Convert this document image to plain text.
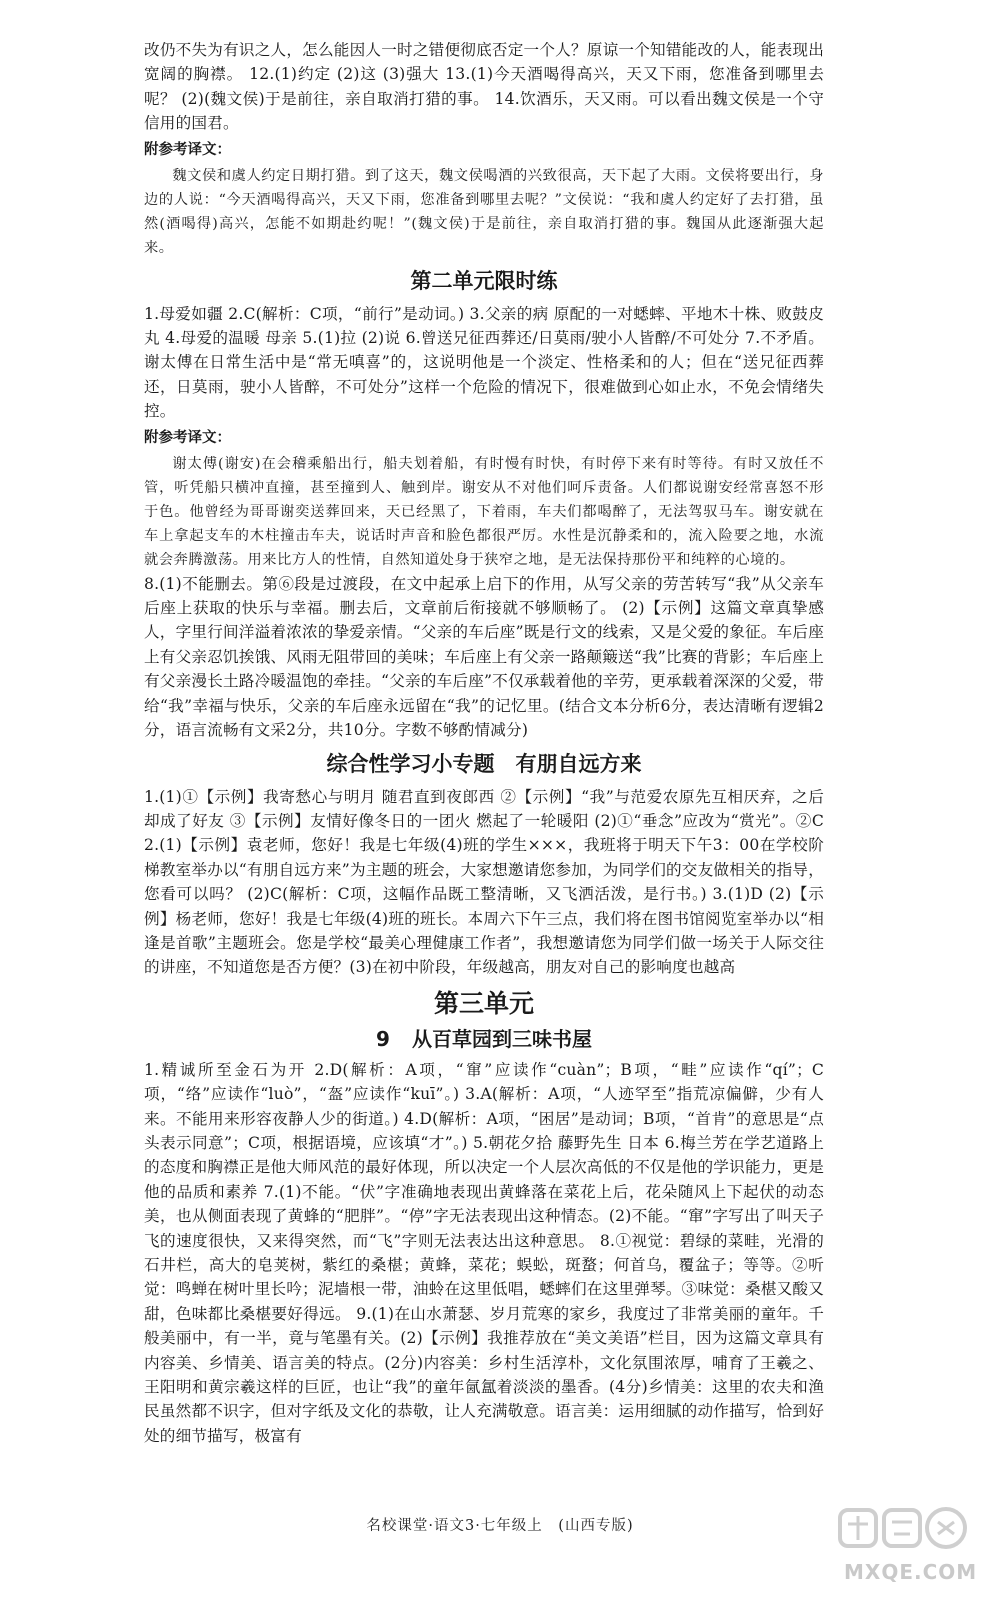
改仍不失为有识之人，怎么能因人一时之错便彻底否定一个人？原谅一个知错能改的人，能表现出宽阔的胸襟。 12.(1)约定 (2)这 (3)强大 13.(1)今天酒喝得高兴，天又下雨，您准备到哪里去呢？ (2)(魏文侯)于是前往，亲自取消打猎的事。 14.饮酒乐，天又雨。可以看出魏文侯是一个守信用的国君。

附参考译文：

魏文侯和虞人约定日期打猎。到了这天，魏文侯喝酒的兴致很高，天下起了大雨。文侯将要出行，身边的人说：“今天酒喝得高兴，天又下雨，您准备到哪里去呢？”文侯说：“我和虞人约定好了去打猎，虽然(酒喝得)高兴，怎能不如期赴约呢！”(魏文侯)于是前往，亲自取消打猎的事。魏国从此逐渐强大起来。

第二单元限时练

1.母爱如疆 2.C(解析：C项，“前行”是动词。) 3.父亲的病 原配的一对蟋蟀、平地木十株、败鼓皮丸 4.母爱的温暖 母亲 5.(1)拉 (2)说 6.曾送兄征西葬还/日莫雨/驶小人皆醉/不可处分 7.不矛盾。谢太傅在日常生活中是“常无嗔喜”的，这说明他是一个淡定、性格柔和的人；但在“送兄征西葬还，日莫雨，驶小人皆醉，不可处分”这样一个危险的情况下，很难做到心如止水，不免会情绪失控。

附参考译文：

谢太傅(谢安)在会稽乘船出行，船夫划着船，有时慢有时快，有时停下来有时等待。有时又放任不管，听凭船只横冲直撞，甚至撞到人、触到岸。谢安从不对他们呵斥责备。人们都说谢安经常喜怒不形于色。他曾经为哥哥谢奕送葬回来，天已经黑了，下着雨，车夫们都喝醉了，无法驾驭马车。谢安就在车上拿起支车的木柱撞击车夫，说话时声音和脸色都很严厉。水性是沉静柔和的，流入险要之地，水流就会奔腾激荡。用来比方人的性情，自然知道处身于狭窄之地，是无法保持那份平和纯粹的心境的。

8.(1)不能删去。第⑥段是过渡段，在文中起承上启下的作用，从写父亲的劳苦转写“我”从父亲车后座上获取的快乐与幸福。删去后，文章前后衔接就不够顺畅了。 (2)【示例】这篇文章真挚感人，字里行间洋溢着浓浓的挚爱亲情。“父亲的车后座”既是行文的线索，又是父爱的象征。车后座上有父亲忍饥挨饿、风雨无阻带回的美味；车后座上有父亲一路颠簸送“我”比赛的背影；车后座上有父亲漫长土路冷暖温饱的牵挂。“父亲的车后座”不仅承载着他的辛劳，更承载着深深的父爱，带给“我”幸福与快乐，父亲的车后座永远留在“我”的记忆里。(结合文本分析6分，表达清晰有逻辑2分，语言流畅有文采2分，共10分。字数不够酌情减分)

综合性学习小专题　有朋自远方来

1.(1)①【示例】我寄愁心与明月 随君直到夜郎西 ②【示例】“我”与范爱农原先互相厌弃，之后却成了好友 ③【示例】友情好像冬日的一团火 燃起了一轮暖阳 (2)①“垂念”应改为“赏光”。②C 2.(1)【示例】袁老师，您好！我是七年级(4)班的学生×××，我班将于明天下午3：00在学校阶梯教室举办以“有朋自远方来”为主题的班会，大家想邀请您参加，为同学们的交友做相关的指导，您看可以吗？ (2)C(解析：C项，这幅作品既工整清晰，又飞洒活泼，是行书。) 3.(1)D (2)【示例】杨老师，您好！我是七年级(4)班的班长。本周六下午三点，我们将在图书馆阅览室举办以“相逢是首歌”主题班会。您是学校“最美心理健康工作者”，我想邀请您为同学们做一场关于人际交往的讲座，不知道您是否方便？(3)在初中阶段，年级越高，朋友对自己的影响度也越高

第三单元
9 从百草园到三味书屋

1.精诚所至金石为开 2.D(解析：A项，“窜”应读作“cuàn”；B项，“畦”应读作“qí”；C项，“络”应读作“luò”，“盔”应读作“kuī”。) 3.A(解析：A项，“人迹罕至”指荒凉偏僻，少有人来。不能用来形容夜静人少的街道。) 4.D(解析：A项，“困居”是动词；B项，“首肯”的意思是“点头表示同意”；C项，根据语境，应该填“才”。) 5.朝花夕拾 藤野先生 日本 6.梅兰芳在学艺道路上的态度和胸襟正是他大师风范的最好体现，所以决定一个人层次高低的不仅是他的学识能力，更是他的品质和素养 7.(1)不能。“伏”字准确地表现出黄蜂落在菜花上后，花朵随风上下起伏的动态美，也从侧面表现了黄蜂的“肥胖”。“停”字无法表现出这种情态。(2)不能。“窜”字写出了叫天子飞的速度很快，又来得突然，而“飞”字则无法表达出这种意思。 8.①视觉：碧绿的菜畦，光滑的石井栏，高大的皂荚树，紫红的桑椹；黄蜂，菜花；蜈蚣，斑蝥；何首乌，覆盆子；等等。②听觉：鸣蝉在树叶里长吟；泥墙根一带，油蛉在这里低唱，蟋蟀们在这里弹琴。③味觉：桑椹又酸又甜，色味都比桑椹要好得远。 9.(1)在山水萧瑟、岁月荒寒的家乡，我度过了非常美丽的童年。千般美丽中，有一半，竟与笔墨有关。(2)【示例】我推荐放在“美文美语”栏目，因为这篇文章具有内容美、乡情美、语言美的特点。(2分)内容美：乡村生活淳朴，文化氛围浓厚，哺育了王羲之、王阳明和黄宗羲这样的巨匠，也让“我”的童年氤氲着淡淡的墨香。(4分)乡情美：这里的农夫和渔民虽然都不识字，但对字纸及文化的恭敬，让人充满敬意。语言美：运用细腻的动作描写，恰到好处的细节描写，极富有

名校课堂·语文3·七年级上　(山西专版)
MXQE.COM
